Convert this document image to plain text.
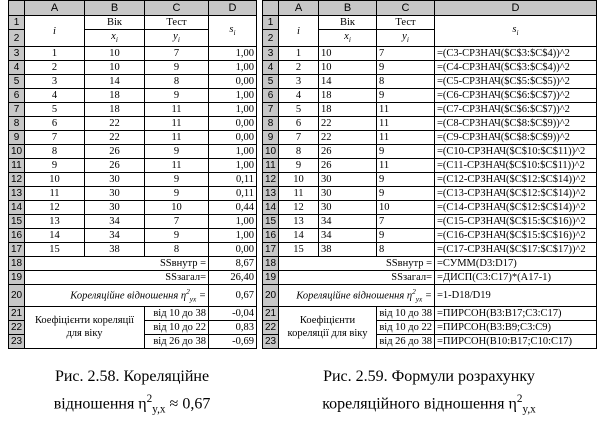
	A	B	C	D
1	i	Вік	Тест	$s_i$
2		$x_i$	$y_i$
3	1	10	7	1,00
4	2	10	9	1,00
5	3	14	8	0,00
6	4	18	9	1,00
7	5	18	11	1,00
8	6	22	11	0,00
9	7	22	11	0,00
10	8	26	9	1,00
11	9	26	11	1,00
12	10	30	9	0,11
13	11	30	9	0,11
14	12	30	10	0,44
15	13	34	7	1,00
16	14	34	9	1,00
17	15	38	8	0,00
18	SSвнутр =			8,67
19	SSзагал=			26,40
20	Кореляційне відношення $\eta^2_{yx}$ =			0,67
21	Коефіцієнти кореляції для віку		від 10 до 38	-0,04
22			від 10 до 22	0,83
23			від 26 до 38	-0,69
	A	B	C	D
1	i	Вік	Тест	$s_i$
2		$x_i$	$y_i$
3	1	10	7	=(C3-СРЗНАЧ($C$3:$C$4))^2
4	2	10	9	=(C4-СРЗНАЧ($C$3:$C$4))^2
5	3	14	8	=(C5-СРЗНАЧ($C$5:$C$5))^2
6	4	18	9	=(C6-СРЗНАЧ($C$6:$C$7))^2
7	5	18	11	=(C7-СРЗНАЧ($C$6:$C$7))^2
8	6	22	11	=(C8-СРЗНАЧ($C$8:$C$9))^2
9	7	22	11	=(C9-СРЗНАЧ($C$8:$C$9))^2
10	8	26	9	=(C10-СРЗНАЧ($C$10:$C$11))^2
11	9	26	11	=(C11-СРЗНАЧ($C$10:$C$11))^2
12	10	30	9	=(C12-СРЗНАЧ($C$12:$C$14))^2
13	11	30	9	=(C13-СРЗНАЧ($C$12:$C$14))^2
14	12	30	10	=(C14-СРЗНАЧ($C$12:$C$14))^2
15	13	34	7	=(C15-СРЗНАЧ($C$15:$C$16))^2
16	14	34	9	=(C16-СРЗНАЧ($C$15:$C$16))^2
17	15	38	8	=(C17-СРЗНАЧ($C$17:$C$17))^2
18	SSвнутр =			=СУММ(D3:D17)
19	SSзагал=			=ДИСП(C3:C17)*(A17-1)
20	Кореляційне відношення $\eta^2_{yx}$ =			=1-D18/D19
21	Коефіцієнти кореляції для віку		від 10 до 38	=ПИРСОН(B3:B17;C3:C17)
22			від 10 до 22	=ПИРСОН(B3:B9;C3:C9)
23			від 26 до 38	=ПИРСОН(B10:B17;C10:C17)
Рис. 2.58. Кореляційне
відношення $\eta^2_{y,x} \approx 0,67$
Рис. 2.59. Формули розрахунку
кореляційного відношення $\eta^2_{y,x}$
